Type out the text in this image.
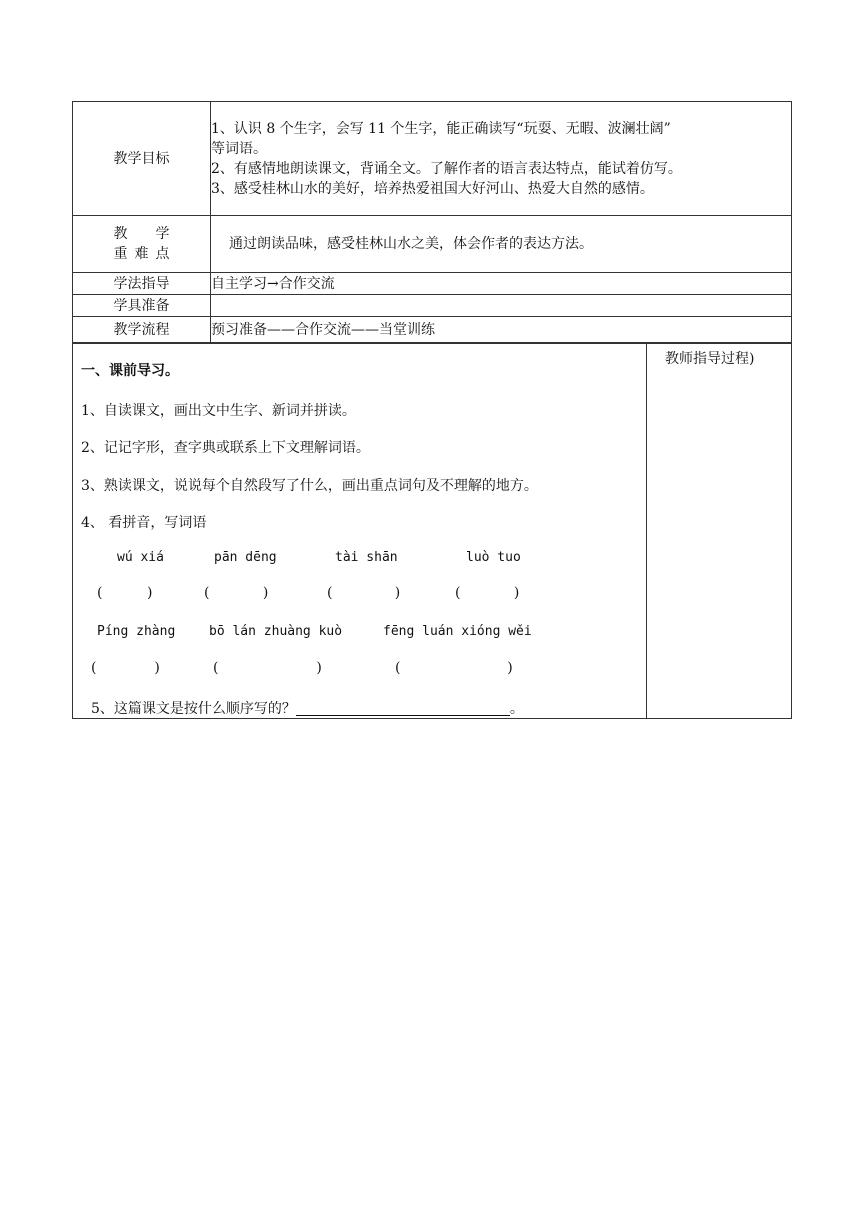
教学目标	1、认识 8 个生字，会写 11 个生字，能正确读写“玩耍、无暇、波澜壮阔”
等词语。
2、有感情地朗读课文，背诵全文。了解作者的语言表达特点，能试着仿写。
3、感受桂林山水的美好，培养热爱祖国大好河山、热爱大自然的感情。

教学
重难点	通过朗读品味，感受桂林山水之美，体会作者的表达方法。
学法指导	自主学习→合作交流
学具准备	
教学流程	预习准备——合作交流——当堂训练
一、课前导习。
1、自读课文，画出文中生字、新词并拼读。
2、记记字形，查字典或联系上下文理解词语。
3、熟读课文，说说每个自然段写了什么，画出重点词句及不理解的地方。
4、 看拼音，写词语
wú xiá	pān dēng	tài shān	luò tuo
(          )	(            )	(              )	(            )
Píng zhàng	bō lán zhuàng kuò	fēng luán xióng wěi
(             )	(                      )	(                        )
5、这篇课文是按什么顺序写的？	。

教师指导过程)
